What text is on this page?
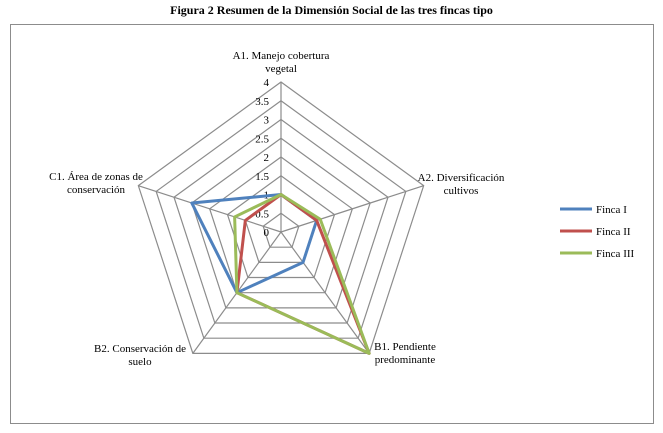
Figura 2 Resumen de la Dimensión Social de las tres fincas tipo
0
0.5
1
1.5
2
2.5
3
3.5
4
A1. Manejo cobertura vegetal
A2. Diversificación cultivos
B1. Pendiente predominante
B2. Conservación de suelo
C1. Área de zonas de conservación
Finca I
Finca II
Finca III
